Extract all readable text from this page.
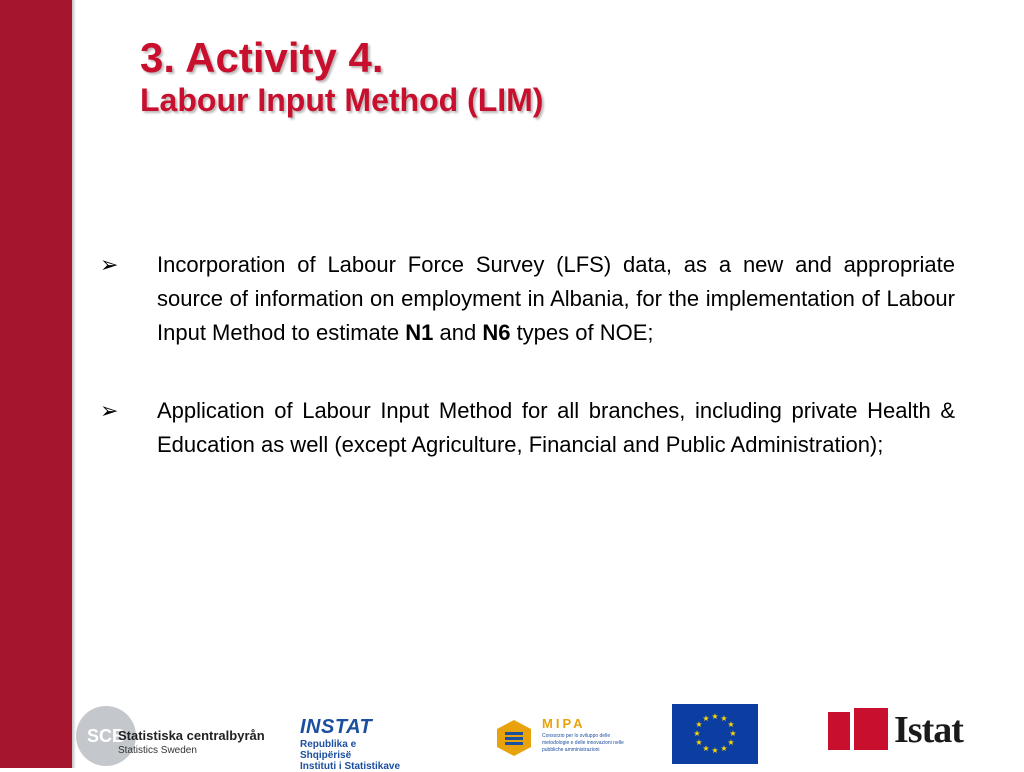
3. Activity 4.
Labour Input Method (LIM)
➢ Incorporation of Labour Force Survey (LFS) data, as a new and appropriate source of information on employment in Albania, for the implementation of Labour Input Method to estimate N1 and N6 types of NOE;
➢ Application of Labour Input Method for all branches, including private Health & Education as well (except Agriculture, Financial and Public Administration);
SCB
Statistiska centralbyrån
Statistics Sweden
INSTAT
Republika e Shqipërisë
Instituti i Statistikave
MIPA
Consorzio per lo sviluppo delle metodologie e delle innovazioni nelle pubbliche amministrazioni
★ ★
★
★
★
★
★
★
★
★
★
★	Istat
